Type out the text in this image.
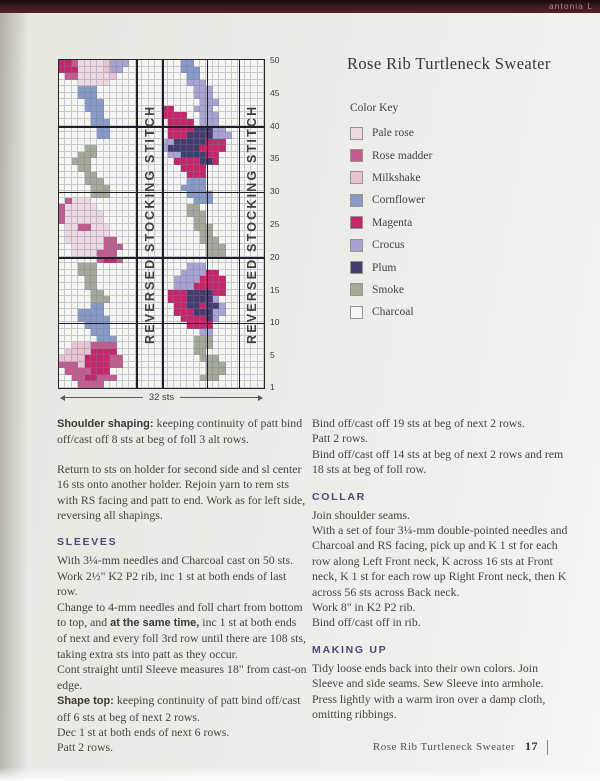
antonia L
REVERSED STOCKING STITCH	REVERSED STOCKING STITCH
50
45
40
35
30
25
20
15
10
5
1
32 sts
Rose Rib Turtleneck Sweater
Color Key
Pale rose
Rose madder
Milkshake
Cornflower
Magenta
Crocus
Plum
Smoke
Charcoal

Shoulder shaping: keeping continuity of patt bind off/cast off 8 sts at beg of foll 3 alt rows.

Return to sts on holder for second side and sl center 16 sts onto another holder. Rejoin yarn to rem sts with RS facing and patt to end. Work as for left side, reversing all shapings.

SLEEVES

With 3¼-mm needles and Charcoal cast on 50 sts. Work 2½" K2 P2 rib, inc 1 st at both ends of last row.

Change to 4-mm needles and foll chart from bottom to top, and at the same time, inc 1 st at both ends of next and every foll 3rd row until there are 108 sts, taking extra sts into patt as they occur.

Cont straight until Sleeve measures 18" from cast-on edge.

Shape top: keeping continuity of patt bind off/cast off 6 sts at beg of next 2 rows.

Dec 1 st at both ends of next 6 rows.

Patt 2 rows.

Bind off/cast off 19 sts at beg of next 2 rows.

Patt 2 rows.

Bind off/cast off 14 sts at beg of next 2 rows and rem 18 sts at beg of foll row.

COLLAR

Join shoulder seams.

With a set of four 3¼-mm double-pointed needles and Charcoal and RS facing, pick up and K 1 st for each row along Left Front neck, K across 16 sts at Front neck, K 1 st for each row up Right Front neck, then K across 56 sts across Back neck.

Work 8" in K2 P2 rib.

Bind off/cast off in rib.

MAKING UP

Tidy loose ends back into their own colors. Join Sleeve and side seams. Sew Sleeve into armhole. Press lightly with a warm iron over a damp cloth, omitting ribbings.

Rose Rib Turtleneck Sweater 17
